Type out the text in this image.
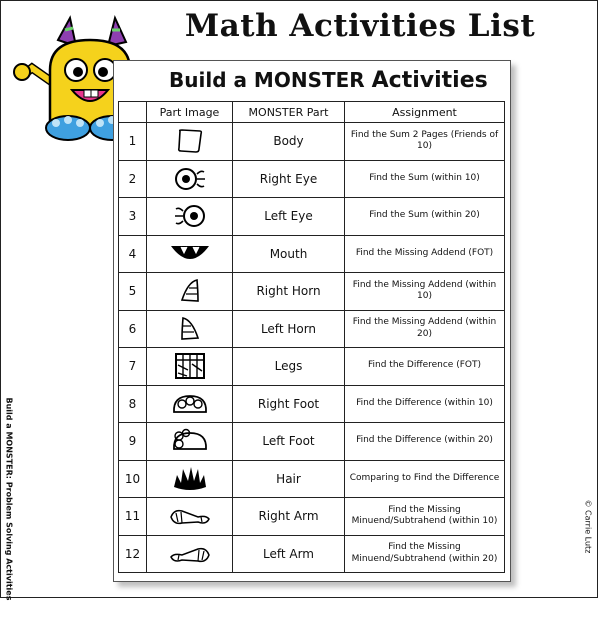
Math Activities List
Build a MONSTER Activities
	Part Image	MONSTER Part	Assignment
1		Body	Find the Sum 2 Pages (Friends of 10)
2		Right Eye	Find the Sum (within 10)
3		Left Eye	Find the Sum (within 20)
4		Mouth	Find the Missing Addend (FOT)
5		Right Horn	Find the Missing Addend (within 10)
6		Left Horn	Find the Missing Addend (within 20)
7		Legs	Find the Difference (FOT)
8		Right Foot	Find the Difference (within 10)
9		Left Foot	Find the Difference (within 20)
10		Hair	Comparing to Find the Difference
11		Right Arm	Find the Missing Minuend/Subtrahend (within 10)
12		Left Arm	Find the Missing Minuend/Subtrahend (within 20)
Build a MONSTER: Problem Solving Activities	© Carrie Lutz
